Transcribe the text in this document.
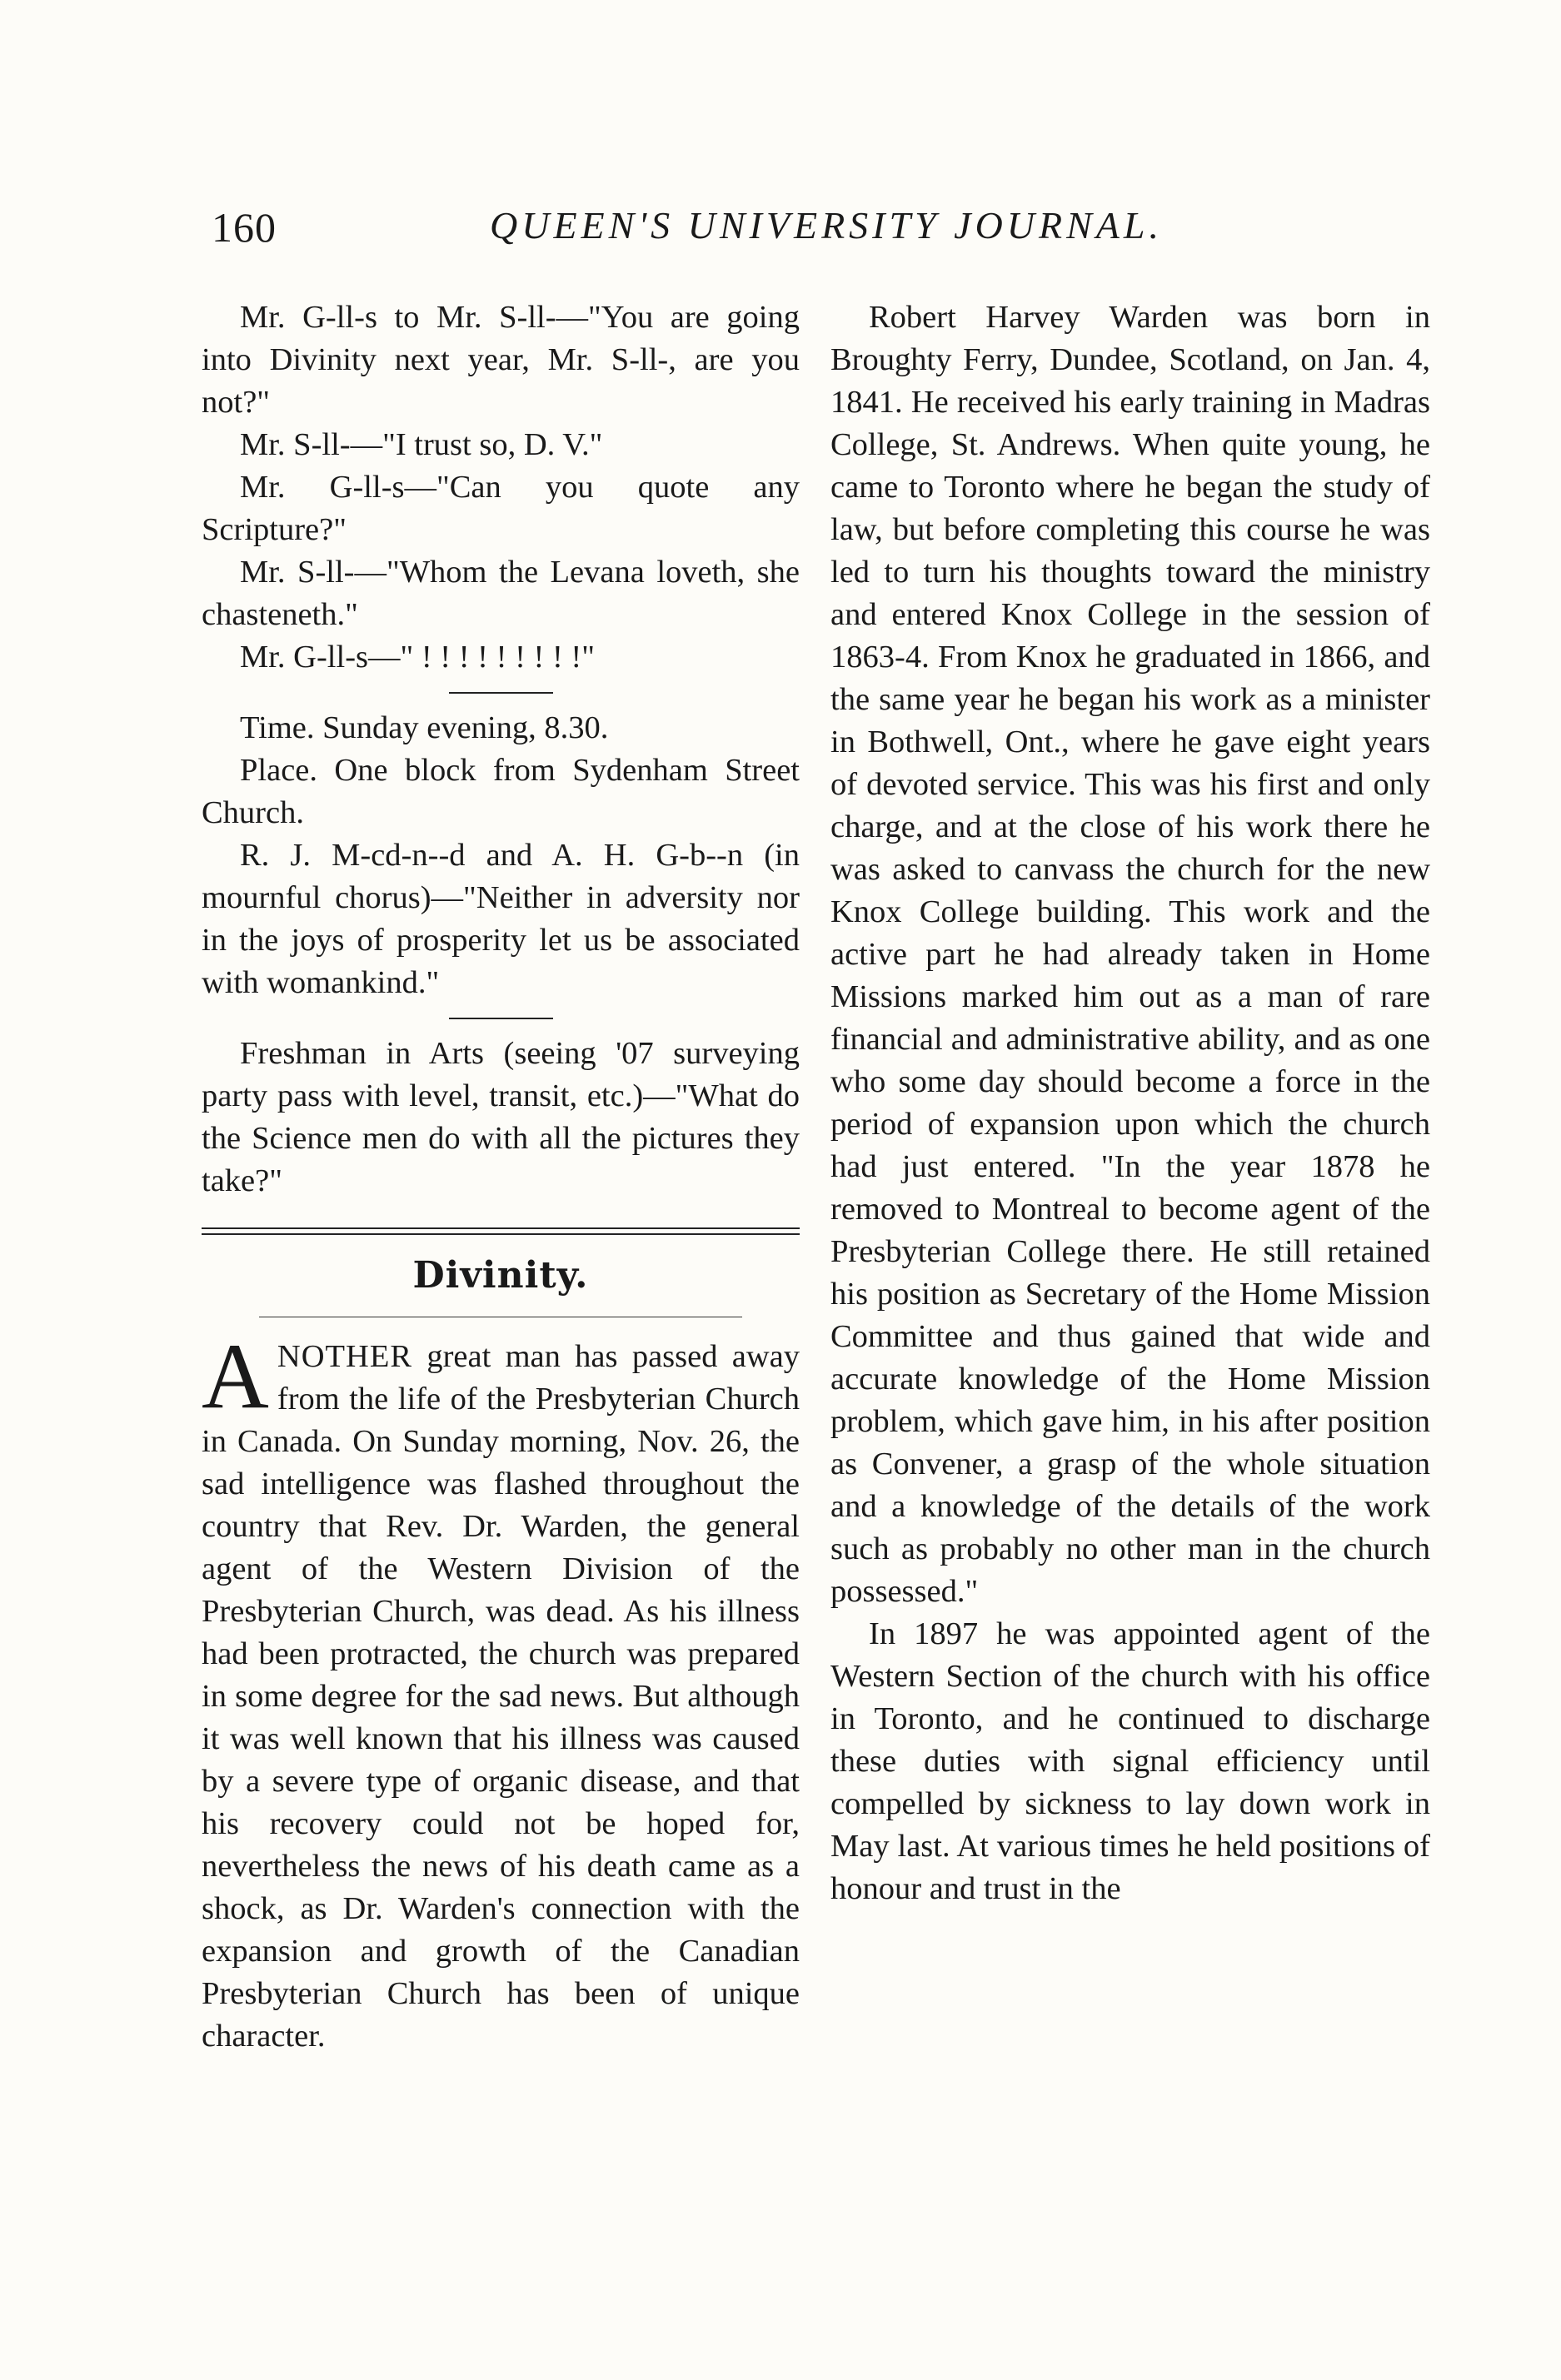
160	QUEEN'S UNIVERSITY JOURNAL.

Mr. G-ll-s to Mr. S-ll-—"You are going into Divinity next year, Mr. S-ll-, are you not?"

Mr. S-ll-—"I trust so, D. V."

Mr. G-ll-s—"Can you quote any Scripture?"

Mr. S-ll-—"Whom the Levana loveth, she chasteneth."

Mr. G-ll-s—" ! ! ! ! ! ! ! ! !"

Time. Sunday evening, 8.30.

Place. One block from Sydenham Street Church.

R. J. M-cd-n--d and A. H. G-b--n (in mournful chorus)—"Neither in adversity nor in the joys of prosperity let us be associated with womankind."

Freshman in Arts (seeing '07 surveying party pass with level, transit, etc.)—"What do the Science men do with all the pictures they take?"

Divinity.

ANOTHER great man has passed away from the life of the Presbyterian Church in Canada. On Sunday morning, Nov. 26, the sad intelligence was flashed throughout the country that Rev. Dr. Warden, the general agent of the Western Division of the Presbyterian Church, was dead. As his illness had been protracted, the church was prepared in some degree for the sad news. But although it was well known that his illness was caused by a severe type of organic disease, and that his recovery could not be hoped for, nevertheless the news of his death came as a shock, as Dr. Warden's connection with the expansion and growth of the Canadian Presbyterian Church has been of unique character.

Robert Harvey Warden was born in Broughty Ferry, Dundee, Scotland, on Jan. 4, 1841. He received his early training in Madras College, St. Andrews. When quite young, he came to Toronto where he began the study of law, but before completing this course he was led to turn his thoughts toward the ministry and entered Knox College in the session of 1863-4. From Knox he graduated in 1866, and the same year he began his work as a minister in Bothwell, Ont., where he gave eight years of devoted service. This was his first and only charge, and at the close of his work there he was asked to canvass the church for the new Knox College building. This work and the active part he had already taken in Home Missions marked him out as a man of rare financial and administrative ability, and as one who some day should become a force in the period of expansion upon which the church had just entered. "In the year 1878 he removed to Montreal to become agent of the Presbyterian College there. He still retained his position as Secretary of the Home Mission Committee and thus gained that wide and accurate knowledge of the Home Mission problem, which gave him, in his after position as Convener, a grasp of the whole situation and a knowledge of the details of the work such as probably no other man in the church possessed."

In 1897 he was appointed agent of the Western Section of the church with his office in Toronto, and he continued to discharge these duties with signal efficiency until compelled by sickness to lay down work in May last. At various times he held positions of honour and trust in the
